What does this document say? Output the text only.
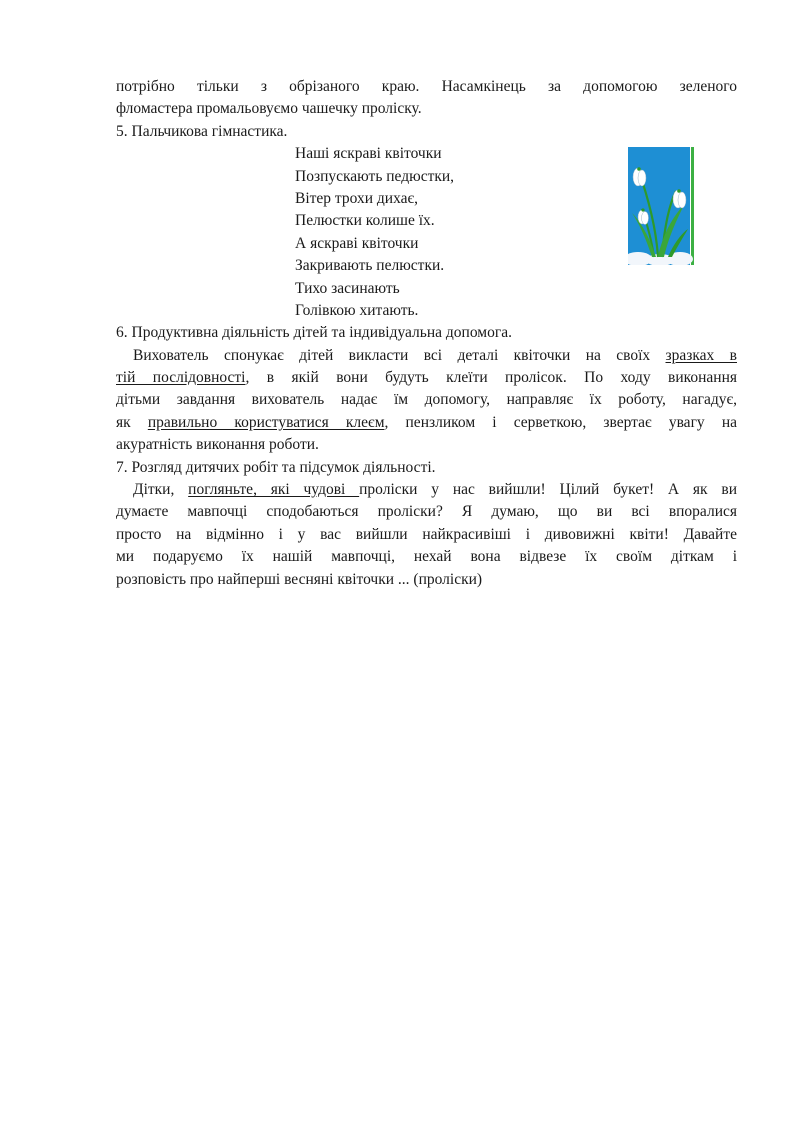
потрібно тільки з обрізаного краю. Насамкінець за допомогою зеленого

фломастера промальовуємо чашечку проліску.

5. Пальчикова гімнастика.

Наші яскраві квіточки
Позпускають педюстки,
Вітер трохи дихає,
Пелюстки колише їх.
А яскраві квіточки
Закривають пелюстки.
Тихо засинають
Голівкою хитають.

6. Продуктивна діяльність дітей та індивідуальна допомога.

Вихователь спонукає дітей викласти всі деталі квіточки на своїх зразках в

тій послідовності, в якій вони будуть клеїти пролісок. По ходу виконання

дітьми завдання вихователь надає їм допомогу, направляє їх роботу, нагадує,

як правильно користуватися клеєм, пензликом і серветкою, звертає увагу на

акуратність виконання роботи.

7. Розгляд дитячих робіт та підсумок діяльності.

Дітки, погляньте, які чудові проліски у нас вийшли! Цілий букет! А як ви

думаєте мавпочці сподобаються проліски? Я думаю, що ви всі впоралися

просто на відмінно і у вас вийшли найкрасивіші і дивовижні квіти! Давайте

ми подаруємо їх нашій мавпочці, нехай вона відвезе їх своїм діткам і

розповість про найперші весняні квіточки ... (проліски)
